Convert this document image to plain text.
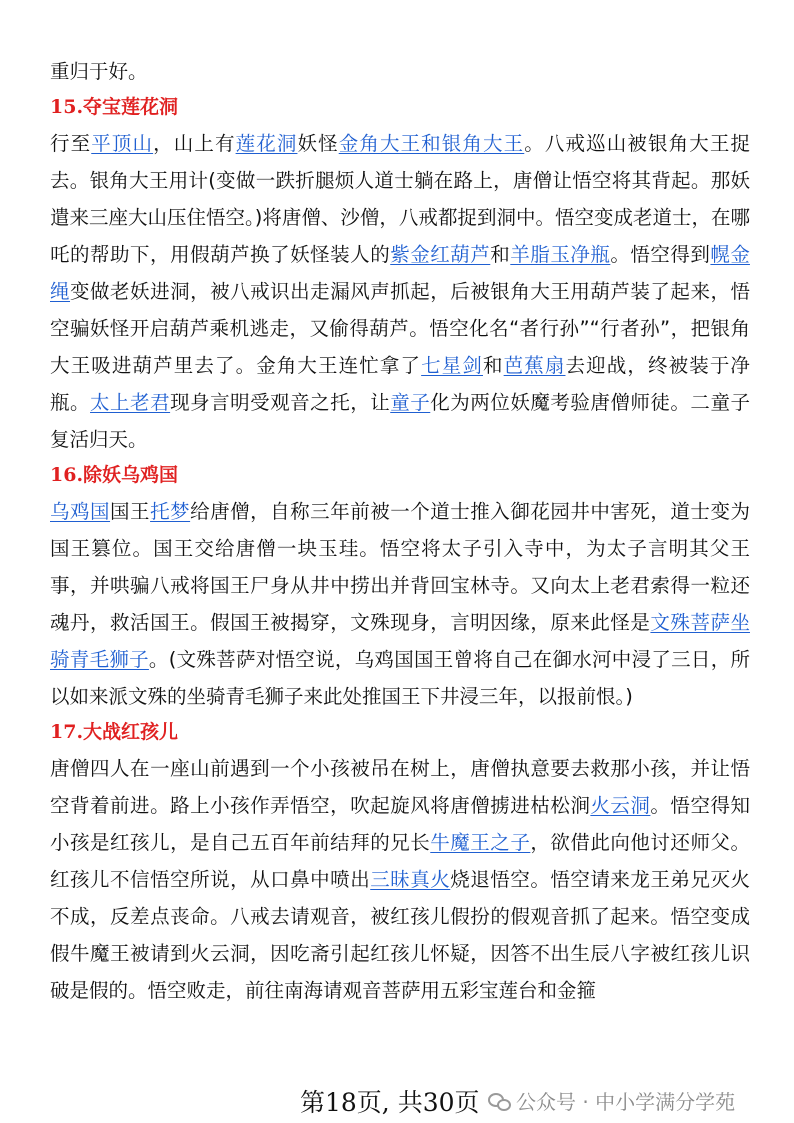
重归于好。

15.夺宝莲花洞

行至平顶山，山上有莲花洞妖怪金角大王和银角大王。八戒巡山被银角大王捉去。银角大王用计(变做一跌折腿烦人道士躺在路上，唐僧让悟空将其背起。那妖遣来三座大山压住悟空。)将唐僧、沙僧，八戒都捉到洞中。悟空变成老道士，在哪吒的帮助下，用假葫芦换了妖怪装人的紫金红葫芦和羊脂玉净瓶。悟空得到幌金绳变做老妖进洞，被八戒识出走漏风声抓起，后被银角大王用葫芦装了起来，悟空骗妖怪开启葫芦乘机逃走，又偷得葫芦。悟空化名“者行孙”“行者孙”，把银角大王吸进葫芦里去了。金角大王连忙拿了七星剑和芭蕉扇去迎战，终被装于净瓶。太上老君现身言明受观音之托，让童子化为两位妖魔考验唐僧师徒。二童子复活归天。

16.除妖乌鸡国

乌鸡国国王托梦给唐僧，自称三年前被一个道士推入御花园井中害死，道士变为国王篡位。国王交给唐僧一块玉珪。悟空将太子引入寺中，为太子言明其父王事，并哄骗八戒将国王尸身从井中捞出并背回宝林寺。又向太上老君索得一粒还魂丹，救活国王。假国王被揭穿，文殊现身，言明因缘，原来此怪是文殊菩萨坐骑青毛狮子。(文殊菩萨对悟空说，乌鸡国国王曾将自己在御水河中浸了三日，所以如来派文殊的坐骑青毛狮子来此处推国王下井浸三年，以报前恨。)

17.大战红孩儿

唐僧四人在一座山前遇到一个小孩被吊在树上，唐僧执意要去救那小孩，并让悟空背着前进。路上小孩作弄悟空，吹起旋风将唐僧掳进枯松涧火云洞。悟空得知小孩是红孩儿，是自己五百年前结拜的兄长牛魔王之子，欲借此向他讨还师父。红孩儿不信悟空所说，从口鼻中喷出三昧真火烧退悟空。悟空请来龙王弟兄灭火不成，反差点丧命。八戒去请观音，被红孩儿假扮的假观音抓了起来。悟空变成假牛魔王被请到火云洞，因吃斋引起红孩儿怀疑，因答不出生辰八字被红孩儿识破是假的。悟空败走，前往南海请观音菩萨用五彩宝莲台和金箍

第18页, 共30页 公众号 · 中小学满分学苑
